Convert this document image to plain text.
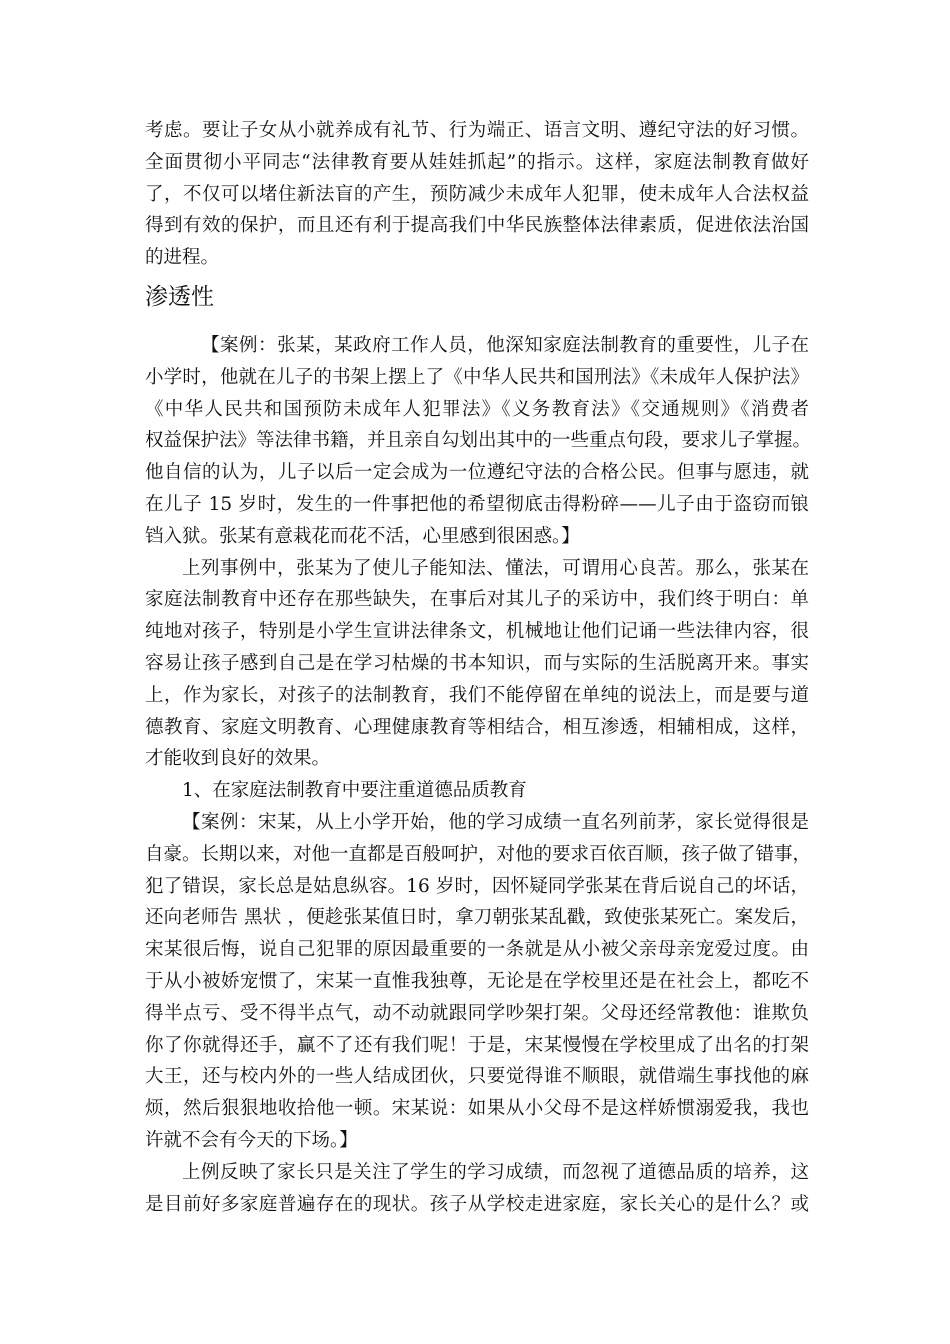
考虑。要让子女从小就养成有礼节、行为端正、语言文明、遵纪守法的好习惯。
全面贯彻小平同志“法律教育要从娃娃抓起”的指示。这样，家庭法制教育做好
了，不仅可以堵住新法盲的产生，预防减少未成年人犯罪，使未成年人合法权益
得到有效的保护，而且还有利于提高我们中华民族整体法律素质，促进依法治国
的进程。
渗透性
【案例：张某，某政府工作人员，他深知家庭法制教育的重要性，儿子在
小学时，他就在儿子的书架上摆上了《中华人民共和国刑法》《未成年人保护法》
《中华人民共和国预防未成年人犯罪法》《义务教育法》《交通规则》《消费者
权益保护法》等法律书籍，并且亲自勾划出其中的一些重点句段，要求儿子掌握。
他自信的认为，儿子以后一定会成为一位遵纪守法的合格公民。但事与愿违，就
在儿子 15 岁时，发生的一件事把他的希望彻底击得粉碎——儿子由于盗窃而锒
铛入狱。张某有意栽花而花不活，心里感到很困惑。】
上列事例中，张某为了使儿子能知法、懂法，可谓用心良苦。那么，张某在
家庭法制教育中还存在那些缺失，在事后对其儿子的采访中，我们终于明白：单
纯地对孩子，特别是小学生宣讲法律条文，机械地让他们记诵一些法律内容，很
容易让孩子感到自己是在学习枯燥的书本知识，而与实际的生活脱离开来。事实
上，作为家长，对孩子的法制教育，我们不能停留在单纯的说法上，而是要与道
德教育、家庭文明教育、心理健康教育等相结合，相互渗透，相辅相成，这样，
才能收到良好的效果。
1、在家庭法制教育中要注重道德品质教育
【案例：宋某，从上小学开始，他的学习成绩一直名列前茅，家长觉得很是
自豪。长期以来，对他一直都是百般呵护，对他的要求百依百顺，孩子做了错事，
犯了错误，家长总是姑息纵容。16 岁时，因怀疑同学张某在背后说自己的坏话，
还向老师告 黑状 ，便趁张某值日时，拿刀朝张某乱戳，致使张某死亡。案发后，
宋某很后悔，说自己犯罪的原因最重要的一条就是从小被父亲母亲宠爱过度。由
于从小被娇宠惯了，宋某一直惟我独尊，无论是在学校里还是在社会上，都吃不
得半点亏、受不得半点气，动不动就跟同学吵架打架。父母还经常教他：谁欺负
你了你就得还手，赢不了还有我们呢！于是，宋某慢慢在学校里成了出名的打架
大王，还与校内外的一些人结成团伙，只要觉得谁不顺眼，就借端生事找他的麻
烦，然后狠狠地收拾他一顿。宋某说：如果从小父母不是这样娇惯溺爱我，我也
许就不会有今天的下场。】
上例反映了家长只是关注了学生的学习成绩，而忽视了道德品质的培养，这
是目前好多家庭普遍存在的现状。孩子从学校走进家庭，家长关心的是什么？或
